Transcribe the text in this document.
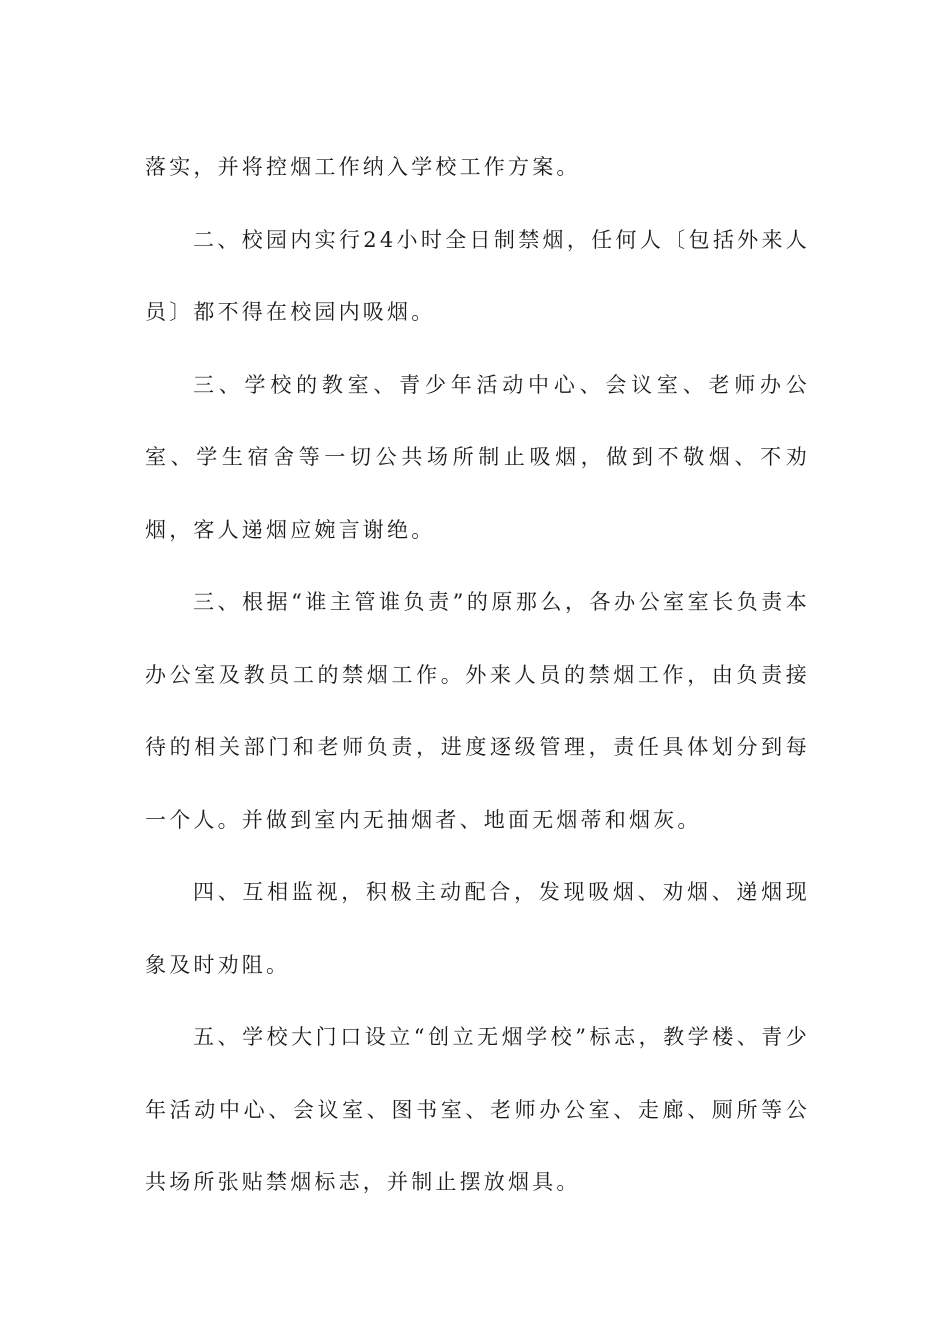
落实，并将控烟工作纳入学校工作方案。

二、校园内实行24小时全日制禁烟，任何人〔包括外来人员〕都不得在校园内吸烟。

三、学校的教室、青少年活动中心、会议室、老师办公室、学生宿舍等一切公共场所制止吸烟，做到不敬烟、不劝烟，客人递烟应婉言谢绝。

三、根据“谁主管谁负责”的原那么，各办公室室长负责本办公室及教员工的禁烟工作。外来人员的禁烟工作，由负责接待的相关部门和老师负责，进度逐级管理，责任具体划分到每一个人。并做到室内无抽烟者、地面无烟蒂和烟灰。

四、互相监视，积极主动配合，发现吸烟、劝烟、递烟现象及时劝阻。

五、学校大门口设立“创立无烟学校”标志，教学楼、青少年活动中心、会议室、图书室、老师办公室、走廊、厕所等公共场所张贴禁烟标志，并制止摆放烟具。
